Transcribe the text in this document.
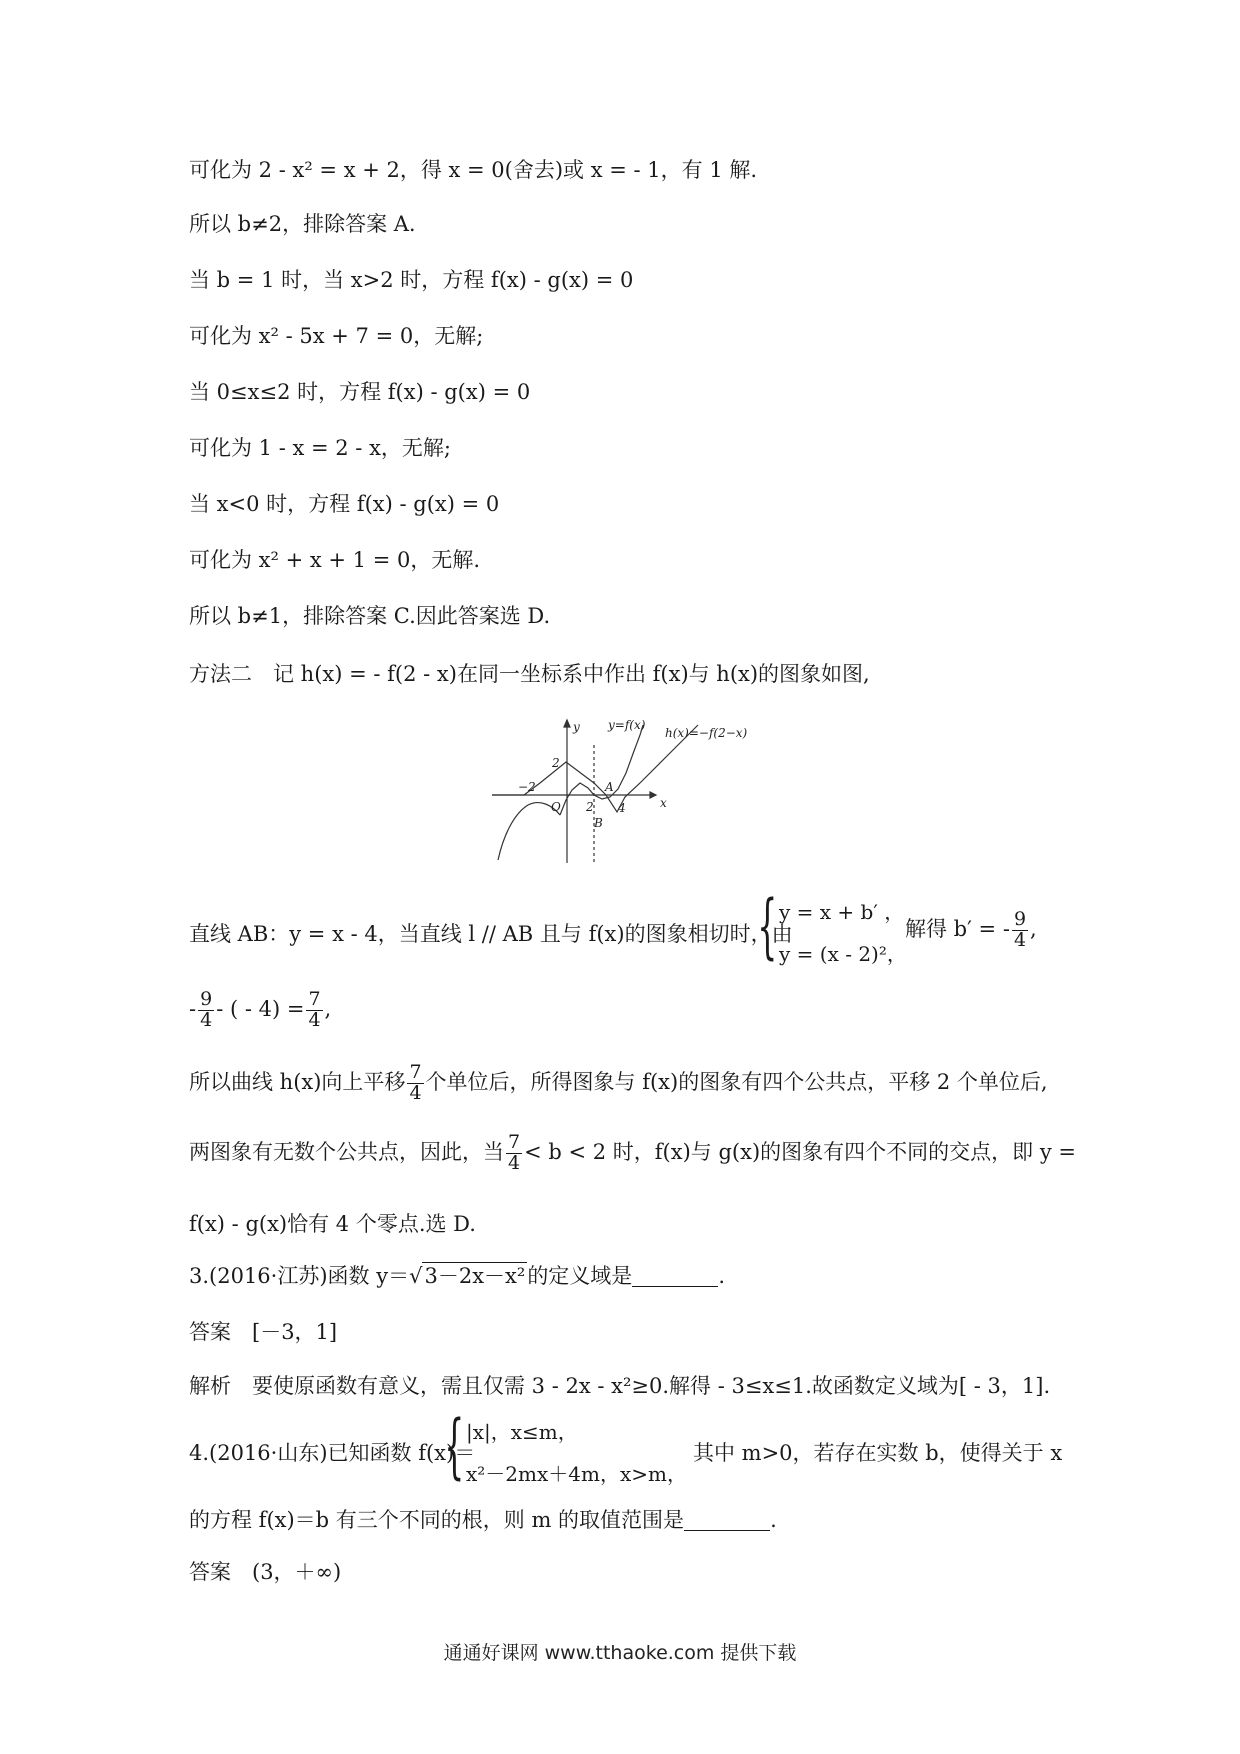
可化为 2 - x² = x + 2，得 x = 0(舍去)或 x = - 1，有 1 解.
所以 b≠2，排除答案 A.
当 b = 1 时，当 x>2 时，方程 f(x) - g(x) = 0
可化为 x² - 5x + 7 = 0，无解;
当 0≤x≤2 时，方程 f(x) - g(x) = 0
可化为 1 - x = 2 - x，无解;
当 x<0 时，方程 f(x) - g(x) = 0
可化为 x² + x + 1 = 0，无解.
所以 b≠1，排除答案 C.因此答案选 D.
方法二　记 h(x) = - f(2 - x)在同一坐标系中作出 f(x)与 h(x)的图象如图,
y
x
y=f(x)
h(x)=−f(2−x)
2
−2
O 2
A
4
B
直线 AB：y = x - 4，当直线 l // AB 且与 f(x)的图象相切时，由
{ y = x + b′ ，
y = (x - 2)²，
解得 b′ = - $\frac{9}{4}$ ,
- $\frac{9}{4}$ - ( - $4) = \frac{7}{4}$ ,
所以曲线 h(x)向上平移 $\frac{7}{4}$ 个单位后，所得图象与 f(x)的图象有四个公共点，平移 2 个单位后,
两图象有无数个公共点，因此，当 $\frac{7}{4} < b < 2$ 时，f(x)与 g(x)的图象有四个不同的交点，即 y =
f(x) - g(x)恰有 4 个零点.选 D.
3.(2016·江苏)函数 y＝√3－2x－x²的定义域是	.
答案　[－3，1]
解析　要使原函数有意义，需且仅需 3 - 2x - x²≥0.解得 - 3≤x≤1.故函数定义域为[ - 3，1].
4.(2016·山东)已知函数 f(x)＝
{ |x|，x≤m，
x²－2mx＋4m，x>m，
其中 m>0，若存在实数 b，使得关于 x
的方程 f(x)＝b 有三个不同的根，则 m 的取值范围是	.
答案　(3，＋∞)
通通好课网 www.tthaoke.com 提供下载
